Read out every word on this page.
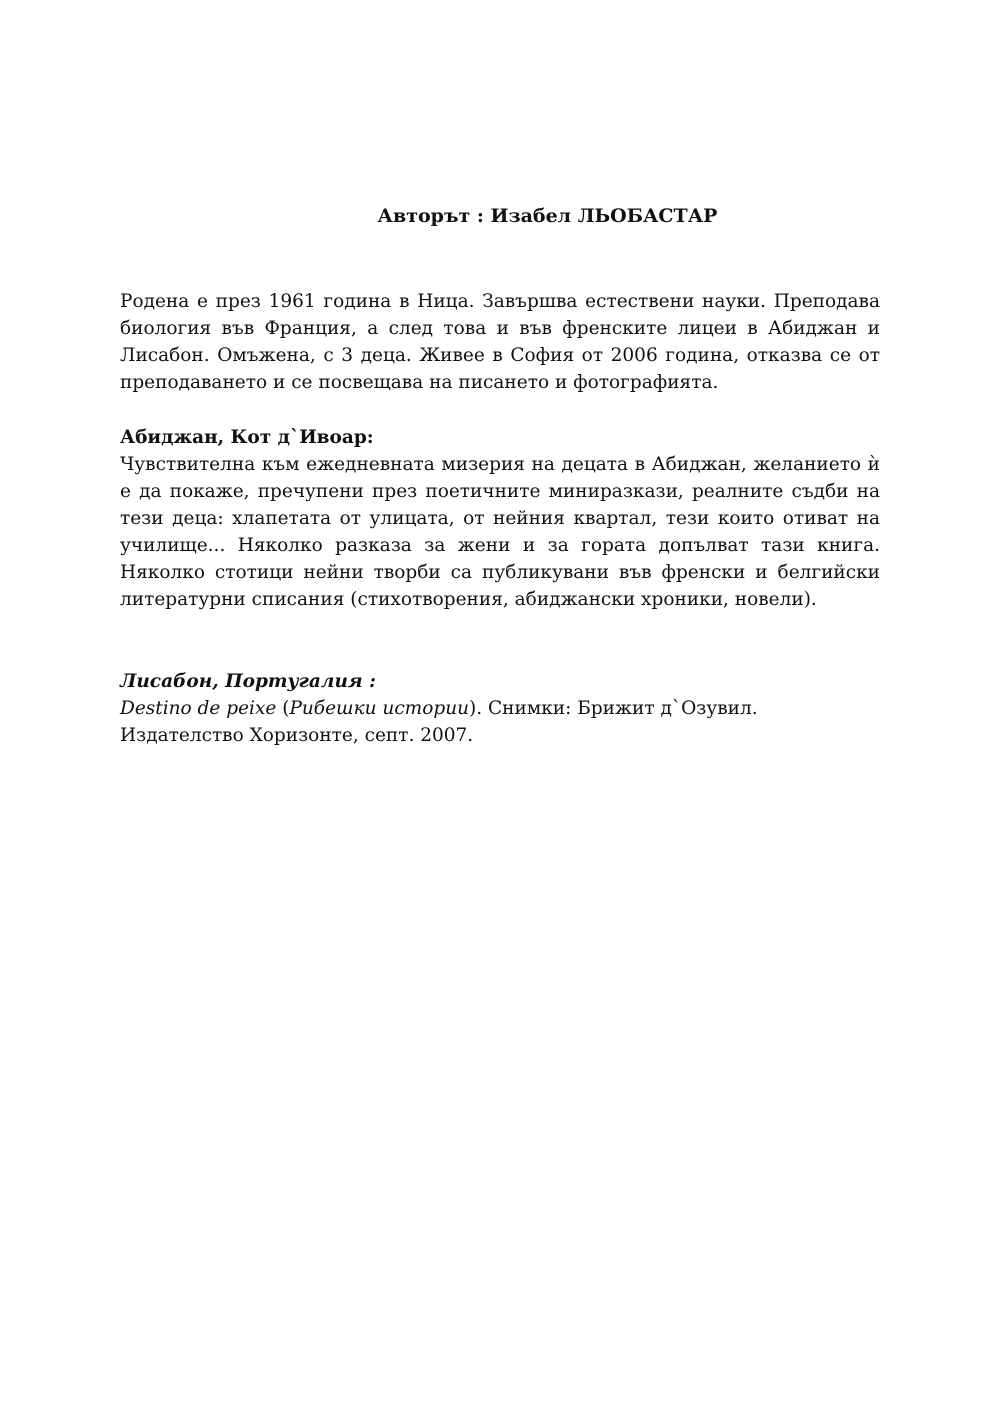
Авторът : Изабел ЛЬОБАСТАР
Родена е през 1961 година в Ница. Завършва естествени науки. Преподава биология във Франция, а след това и във френските лицеи в Абиджан и Лисабон. Омъжена, с 3 деца. Живее в София от 2006 година, отказва се от преподаването и се посвещава на писането и фотографията.
Абиджан, Кот д`Ивоар:
Чувствителна към ежедневната мизерия на децата в Абиджан, желанието ѝ е да покаже, пречупени през поетичните миниразкази, реалните съдби на тези деца: хлапетата от улицата, от нейния квартал, тези които отиват на училище... Няколко разказа за жени и за гората допълват тази книга. Няколко стотици нейни творби са публикувани във френски и белгийски литературни списания (стихотворения, абиджански хроники, новели).
Лисабон, Португалия :
Destino de peixe (Рибешки истории). Снимки: Брижит д`Озувил.
Издателство Хоризонте, септ. 2007.
